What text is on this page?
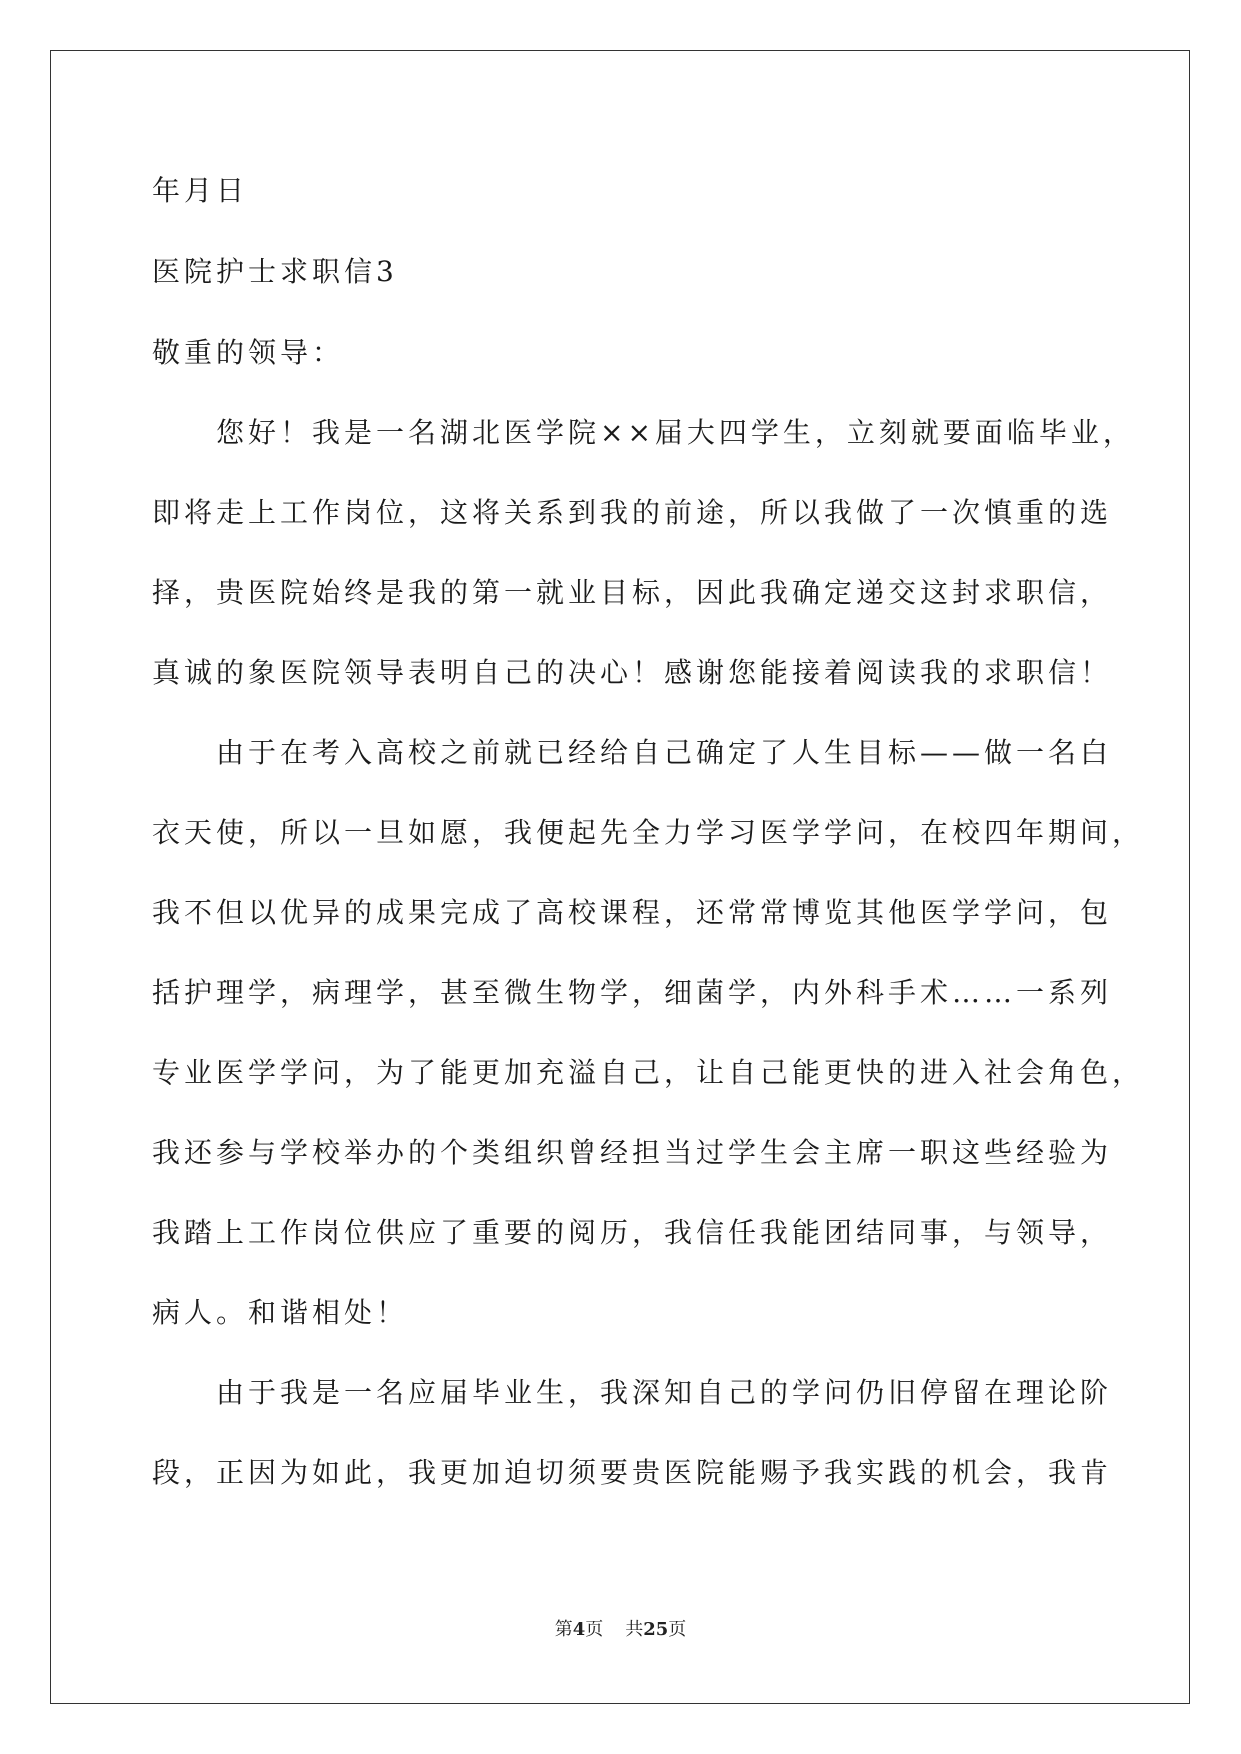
年月日
医院护士求职信3
敬重的领导：
您好！我是一名湖北医学院××届大四学生，立刻就要面临毕业，
即将走上工作岗位，这将关系到我的前途，所以我做了一次慎重的选
择，贵医院始终是我的第一就业目标，因此我确定递交这封求职信，
真诚的象医院领导表明自己的决心！感谢您能接着阅读我的求职信！
由于在考入高校之前就已经给自己确定了人生目标——做一名白
衣天使，所以一旦如愿，我便起先全力学习医学学问，在校四年期间，
我不但以优异的成果完成了高校课程，还常常博览其他医学学问，包
括护理学，病理学，甚至微生物学，细菌学，内外科手术……一系列
专业医学学问，为了能更加充溢自己，让自己能更快的进入社会角色，
我还参与学校举办的个类组织曾经担当过学生会主席一职这些经验为
我踏上工作岗位供应了重要的阅历，我信任我能团结同事，与领导，
病人。和谐相处！
由于我是一名应届毕业生，我深知自己的学问仍旧停留在理论阶
段，正因为如此，我更加迫切须要贵医院能赐予我实践的机会，我肯
第4页 共25页
